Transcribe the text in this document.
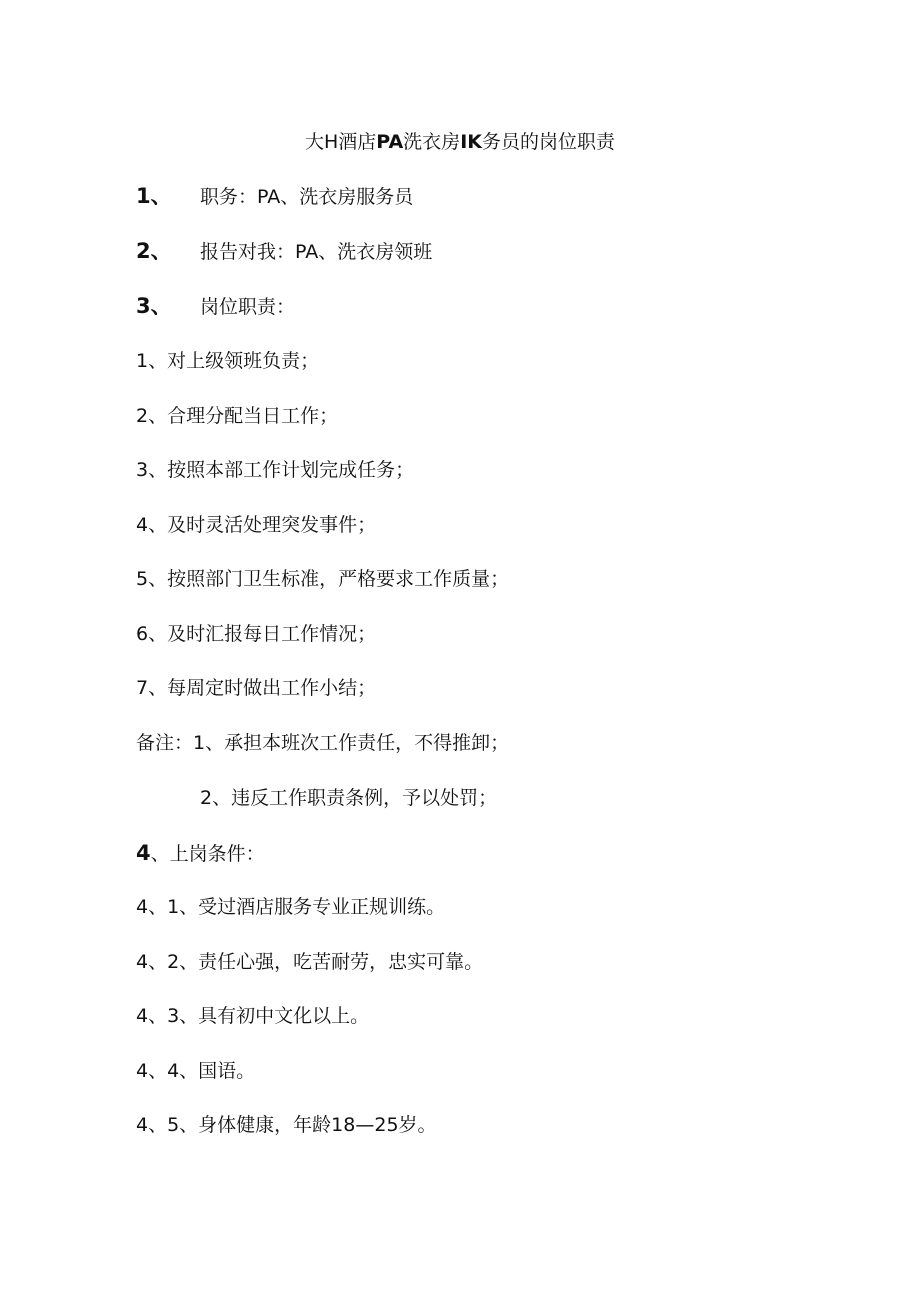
大H酒店PA洗衣房IK务员的岗位职责
1、 职务：PA、洗衣房服务员
2、 报告对我：PA、洗衣房领班
3、 岗位职责：
1、对上级领班负责；
2、合理分配当日工作；
3、按照本部工作计划完成任务；
4、及时灵活处理突发事件；
5、按照部门卫生标准，严格要求工作质量；
6、及时汇报每日工作情况；
7、每周定时做出工作小结；
备注：1、承担本班次工作责任，不得推卸；
2、违反工作职责条例，予以处罚；
4、上岗条件：
4、1、受过酒店服务专业正规训练。
4、2、责任心强，吃苦耐劳，忠实可靠。
4、3、具有初中文化以上。
4、4、国语。
4、5、身体健康，年龄18—25岁。
